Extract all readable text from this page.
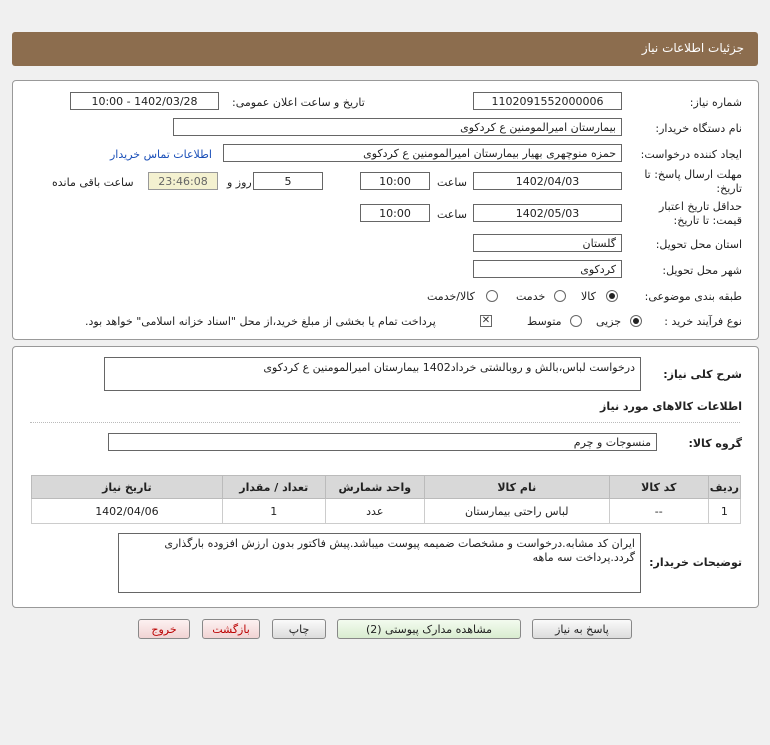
جزئیات اطلاعات نیاز
شماره نیاز:
1102091552000006
تاریخ و ساعت اعلان عمومی:
1402/03/28 - 10:00
نام دستگاه خریدار:
بیمارستان امیرالمومنین ع کردکوی
ایجاد کننده درخواست:
حمزه منوچهری بهیار بیمارستان امیرالمومنین ع کردکوی
اطلاعات تماس خریدار
مهلت ارسال پاسخ: تا
تاریخ:
1402/04/03
ساعت
10:00
5
روز و
23:46:08
ساعت باقی مانده
حداقل تاریخ اعتبار
قیمت: تا تاریخ:
1402/05/03
ساعت
10:00
استان محل تحویل:
گلستان
شهر محل تحویل:
کردکوی
طبقه بندی موضوعی:
کالا
خدمت
کالا/خدمت
نوع فرآیند خرید :
جزیی
متوسط
✕
پرداخت تمام یا بخشی از مبلغ خرید،از محل "اسناد خزانه اسلامی" خواهد بود.
شرح کلی نیاز:
درخواست لباس،بالش و روبالشتی خرداد1402 بیمارستان امیرالمومنین ع کردکوی
اطلاعات کالاهای مورد نیاز
گروه کالا:
منسوجات و چرم
ردیف	کد کالا	نام کالا	واحد شمارش	تعداد / مقدار	تاریخ نیاز
1	--	لباس راحتی بیمارستان	عدد	1	1402/04/06
توضیحات خریدار:
ایران کد مشابه.درخواست و مشخصات ضمیمه پیوست میباشد.پیش فاکتور بدون ارزش افزوده بارگذاری گردد.پرداخت سه ماهه
پاسخ به نیاز
مشاهده مدارک پیوستی (2)
چاپ
بازگشت
خروج
